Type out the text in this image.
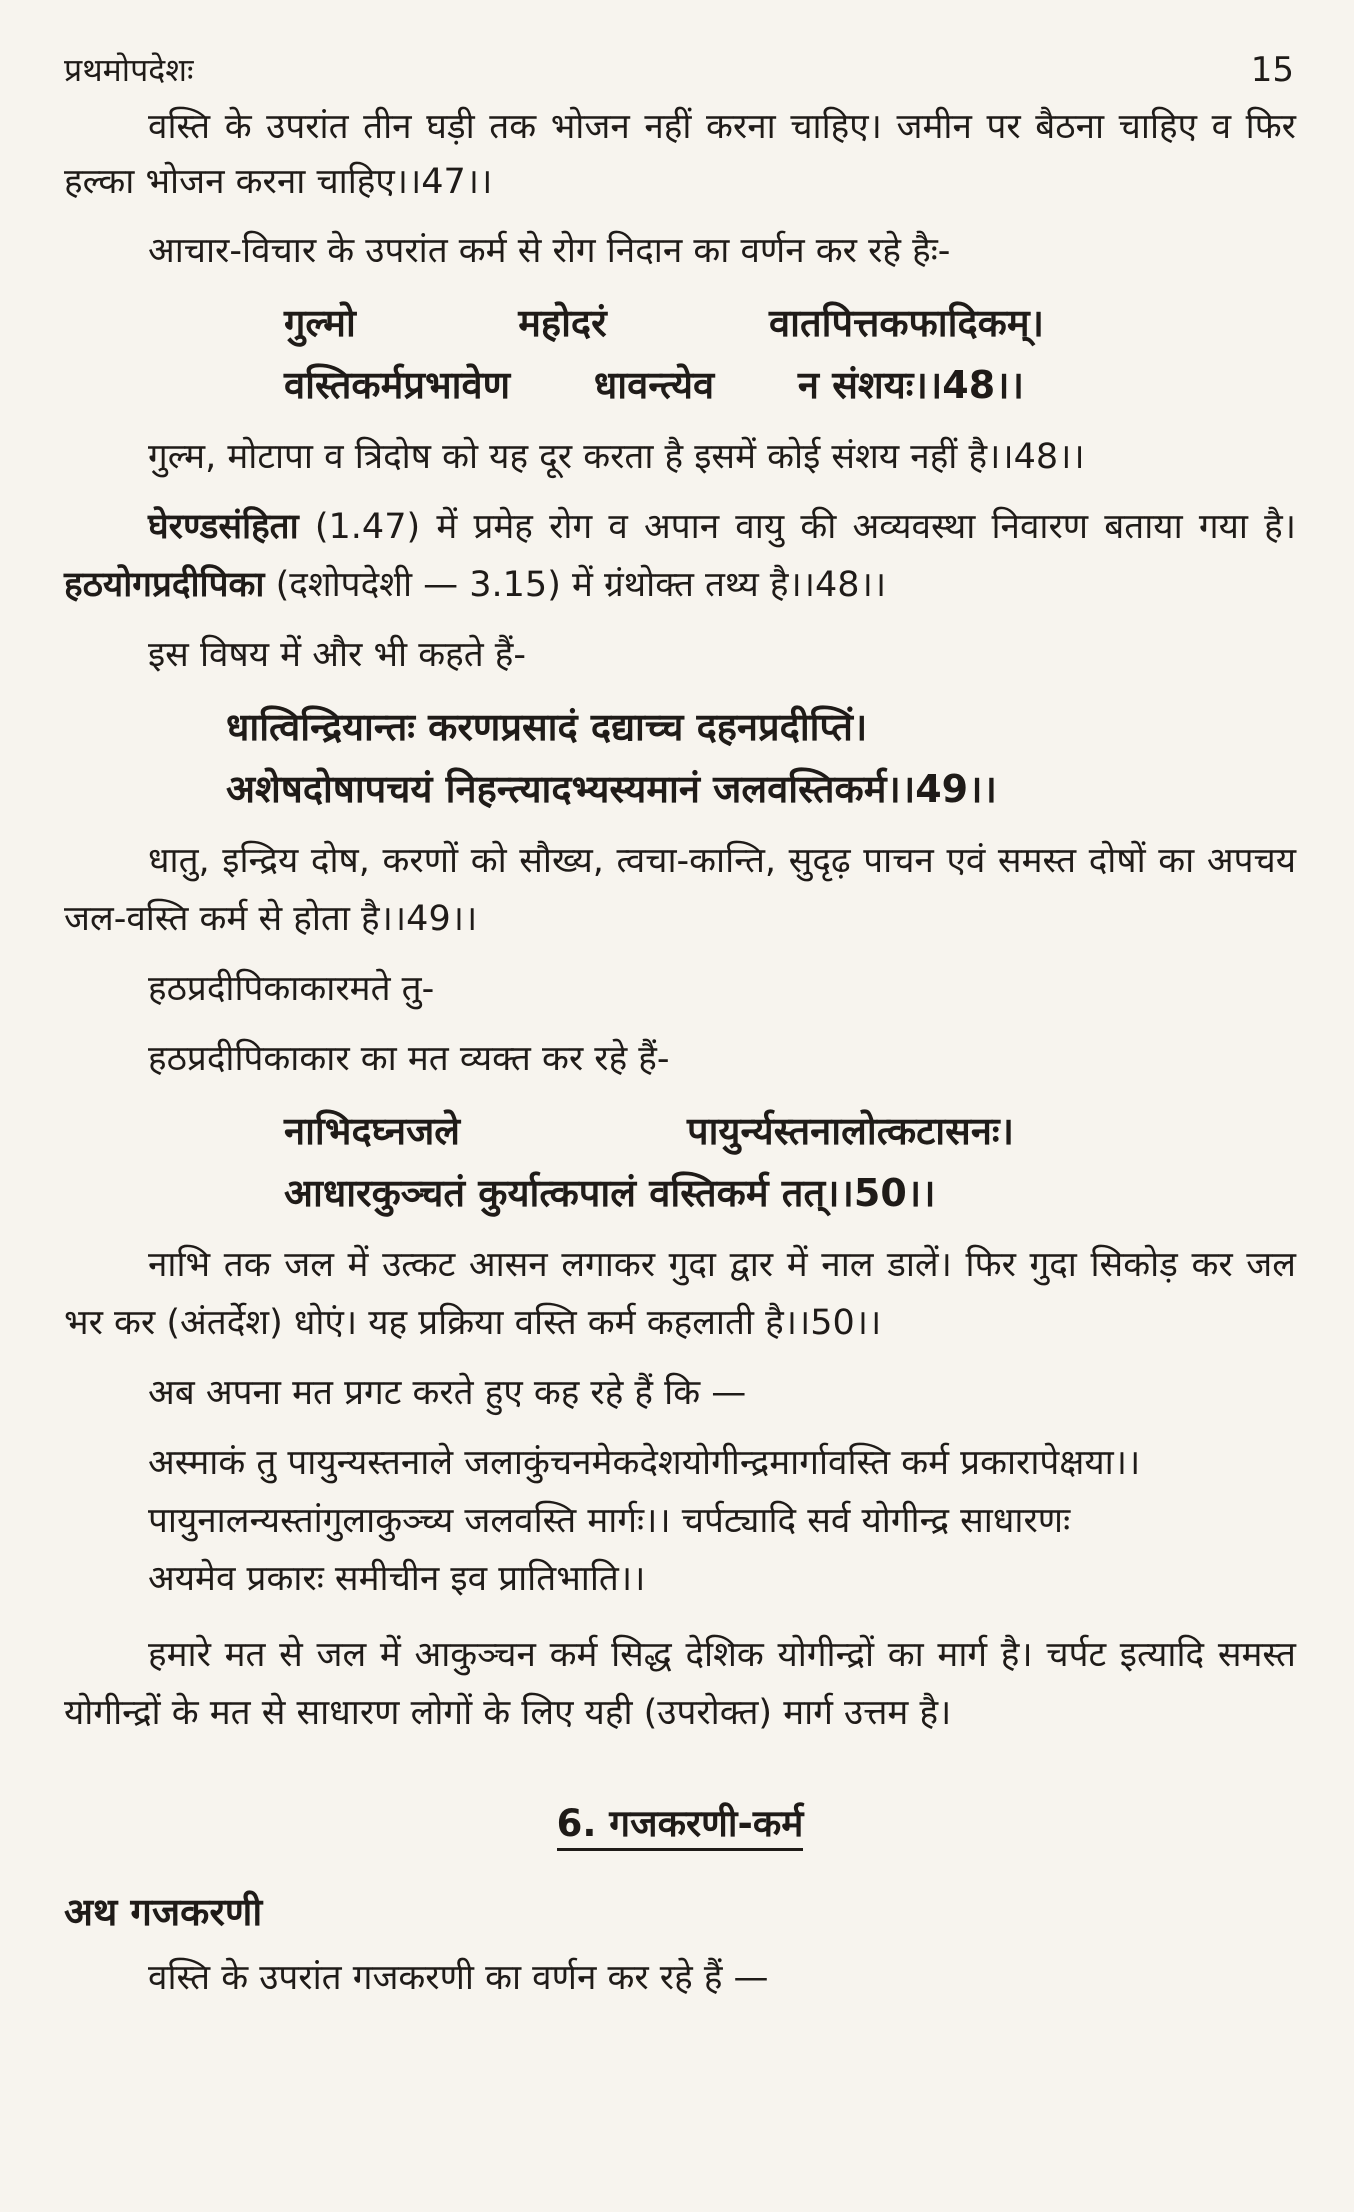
प्रथमोपदेशः	15

वस्ति के उपरांत तीन घड़ी तक भोजन नहीं करना चाहिए। जमीन पर बैठना चाहिए व फिर हल्का भोजन करना चाहिए।।47।।

आचार-विचार के उपरांत कर्म से रोग निदान का वर्णन कर रहे हैः-

गुल्मो	महोदरं	वातपित्तकफादिकम्।
वस्तिकर्मप्रभावेण धावन्त्येव न संशयः।।48।।

गुल्म, मोटापा व त्रिदोष को यह दूर करता है इसमें कोई संशय नहीं है।।48।।

घेरण्डसंहिता (1.47) में प्रमेह रोग व अपान वायु की अव्यवस्था निवारण बताया गया है। हठयोगप्रदीपिका (दशोपदेशी — 3.15) में ग्रंथोक्त तथ्य है।।48।।

इस विषय में और भी कहते हैं-

धात्विन्द्रियान्तः करणप्रसादं दद्याच्च दहनप्रदीप्तिं।
अशेषदोषापचयं निहन्त्यादभ्यस्यमानं जलवस्तिकर्म।।49।।

धातु, इन्द्रिय दोष, करणों को सौख्य, त्वचा-कान्ति, सुदृढ़ पाचन एवं समस्त दोषों का अपचय जल-वस्ति कर्म से होता है।।49।।

हठप्रदीपिकाकारमते तु-

हठप्रदीपिकाकार का मत व्यक्त कर रहे हैं-

नाभिदघ्नजले	पायुर्न्यस्तनालोत्कटासनः।
आधारकुञ्चतं कुर्यात्कपालं वस्तिकर्म तत्।।50।।

नाभि तक जल में उत्कट आसन लगाकर गुदा द्वार में नाल डालें। फिर गुदा सिकोड़ कर जल भर कर (अंतर्देश) धोएं। यह प्रक्रिया वस्ति कर्म कहलाती है।।50।।

अब अपना मत प्रगट करते हुए कह रहे हैं कि —

अस्माकं तु पायुन्यस्तनाले जलाकुंचनमेकदेशयोगीन्द्रमार्गावस्ति कर्म प्रकारापेक्षया।।
पायुनालन्यस्तांगुलाकुञ्च्य जलवस्ति मार्गः।। चर्पट्यादि सर्व योगीन्द्र साधारणः
अयमेव प्रकारः समीचीन इव प्रातिभाति।।

हमारे मत से जल में आकुञ्चन कर्म सिद्ध देशिक योगीन्द्रों का मार्ग है। चर्पट इत्यादि समस्त योगीन्द्रों के मत से साधारण लोगों के लिए यही (उपरोक्त) मार्ग उत्तम है।

6. गजकरणी-कर्म
अथ गजकरणी

वस्ति के उपरांत गजकरणी का वर्णन कर रहे हैं —
